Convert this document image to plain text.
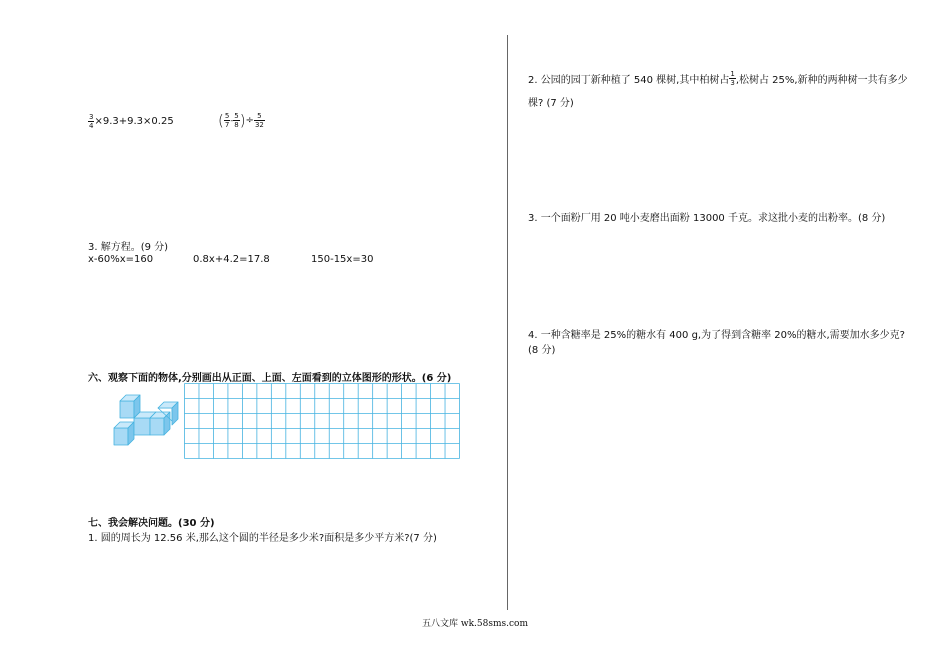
$\frac{3}{4} \times 9.3+9.3\times 0.25$	( $\frac{5}{7} - \frac{5}{8}$ )÷ $\frac{5}{32}$
3. 解方程。(9 分)
x-60%x=160	0.8x+4.2=17.8	150-15x=30
六、观察下面的物体,分别画出从正面、上面、左面看到的立体图形的形状。(6 分)
七、我会解决问题。(30 分)
1. 圆的周长为 12.56 米,那么这个圆的半径是多少米?面积是多少平方米?(7 分)
2. 公园的园丁新种植了 540 棵树,其中柏树占 $\frac{1}{3}$ ,松树占 25%,新种的两种树一共有多少
棵? (7 分)
3. 一个面粉厂用 20 吨小麦磨出面粉 13000 千克。求这批小麦的出粉率。(8 分)
4. 一种含糖率是 25%的糖水有 400 g,为了得到含糖率 20%的糖水,需要加水多少克?
(8 分)
五八文库 wk.58sms.com
